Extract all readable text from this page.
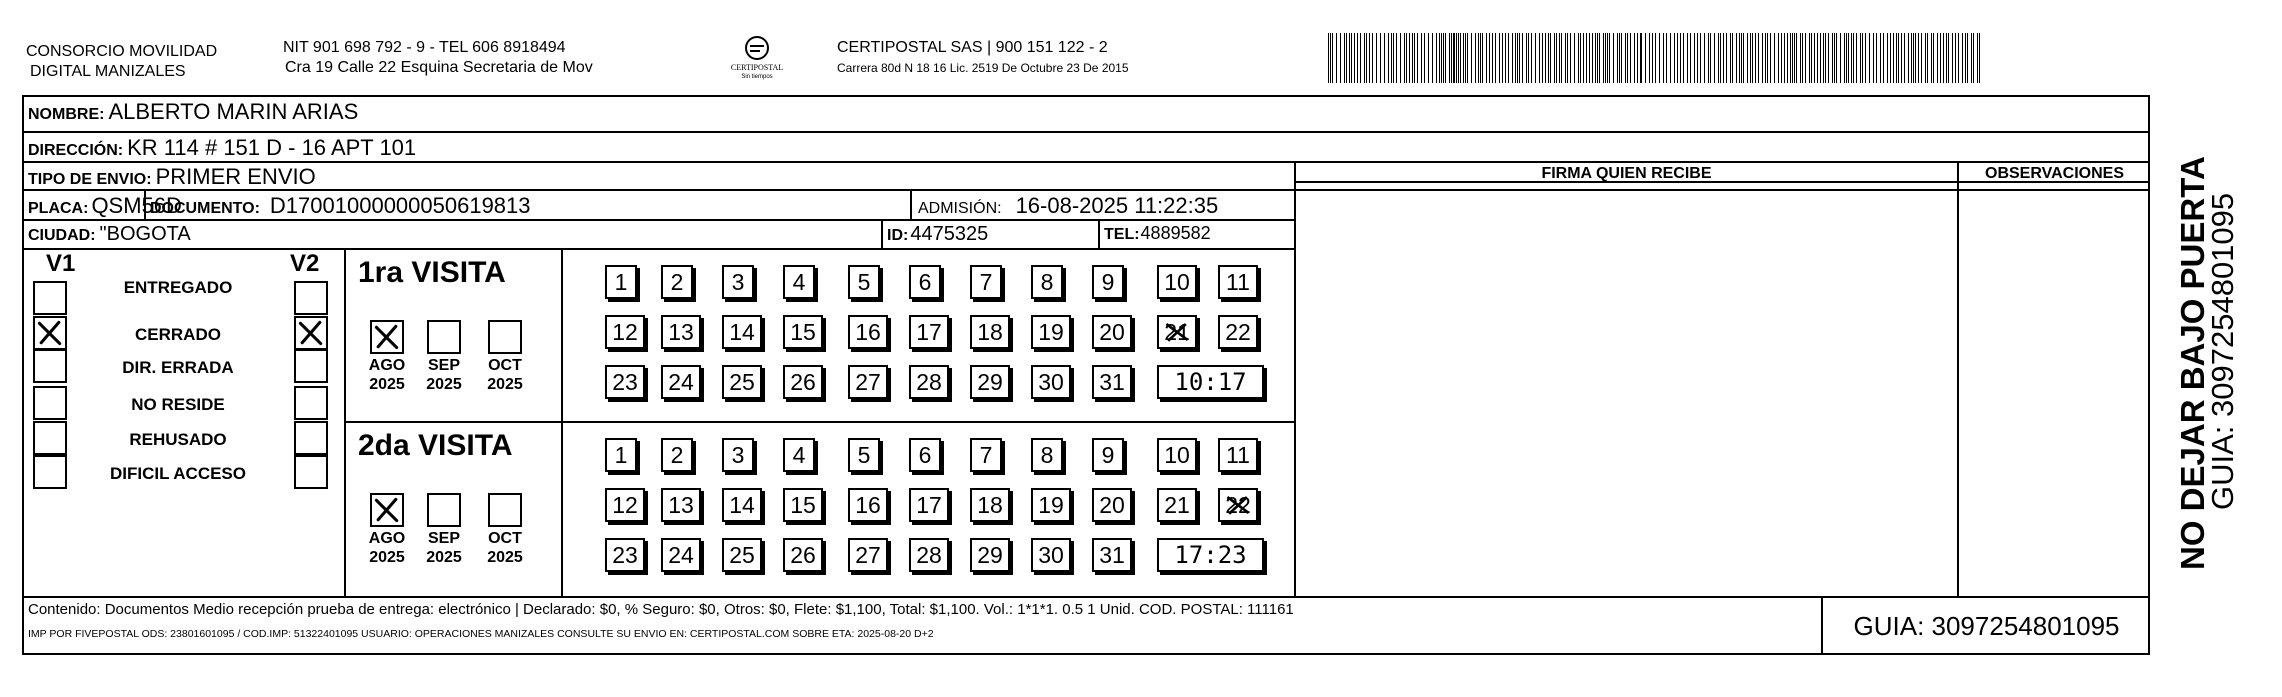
CONSORCIO MOVILIDAD
DIGITAL MANIZALES
NIT 901 698 792 - 9 - TEL 606 8918494
Cra 19 Calle 22 Esquina Secretaria de Mov	CERTIPOSTAL
Sin tiempos
CERTIPOSTAL SAS | 900 151 122 - 2
Carrera 80d N 18 16 Lic. 2519 De Octubre 23 De 2015
NOMBRE: ALBERTO MARIN ARIAS
DIRECCIÓN: KR 114 # 151 D - 16 APT 101
TIPO DE ENVIO: PRIMER ENVIO	FIRMA QUIEN RECIBE	OBSERVACIONES
PLACA: QSM56D
DOCUMENTO: D17001000000050619813	ADMISIÓN: 16-08-2025 11:22:35
CIUDAD: "BOGOTA	ID: 4475325	TEL: 4889582
V1	V2
ENTREGADO
CERRADO
DIR. ERRADA
NO RESIDE
REHUSADO
DIFICIL ACCESO
1ra VISITA
AGO
2025
SEP
2025
OCT
2025
1	2	3	4	5	6	7	8	9	10	11
12	13	14	15	16	17	18	19	20	21	22
23	24	25	26	27	28	29	30	31	10:17
2da VISITA
AGO
2025
SEP
2025
OCT
2025
1	2	3	4	5	6	7	8	9	10	11
12	13	14	15	16	17	18	19	20	21	22
23	24	25	26	27	28	29	30	31	17:23
Contenido: Documentos Medio recepción prueba de entrega: electrónico | Declarado: $0, % Seguro: $0, Otros: $0, Flete: $1,100, Total: $1,100. Vol.: 1*1*1. 0.5 1 Unid. COD. POSTAL: 111161
IMP POR FIVEPOSTAL ODS: 23801601095 / COD.IMP: 51322401095 USUARIO: OPERACIONES MANIZALES CONSULTE SU ENVIO EN: CERTIPOSTAL.COM SOBRE ETA: 2025-08-20 D+2	GUIA: 3097254801095
NO DEJAR BAJO PUERTA
GUIA: 3097254801095
